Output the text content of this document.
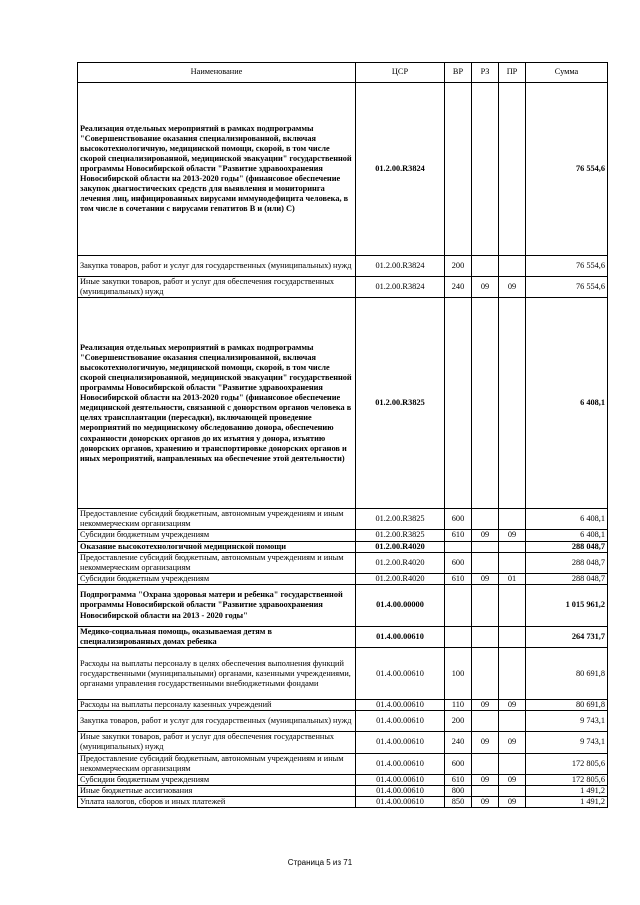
Наименование	ЦСР	ВР	РЗ	ПР	Сумма
Реализация отдельных мероприятий в рамках подпрограммы "Совершенствование оказания специализированной, включая высокотехнологичную, медицинской помощи, скорой, в том числе скорой специализированной, медицинской эвакуации" государственной программы Новосибирской области "Развитие здравоохранения Новосибирской области на 2013-2020 годы" (финансовое обеспечение закупок диагностических средств для выявления и мониторинга лечения лиц, инфицированных вирусами иммунодефицита человека, в том числе в сочетании с вирусами гепатитов В и (или) С)	01.2.00.R3824				76 554,6
Закупка товаров, работ и услуг для государственных (муниципальных) нужд	01.2.00.R3824	200			76 554,6
Иные закупки товаров, работ и услуг для обеспечения государственных (муниципальных) нужд	01.2.00.R3824	240	09	09	76 554,6
Реализация отдельных мероприятий в рамках подпрограммы "Совершенствование оказания специализированной, включая высокотехнологичную, медицинской помощи, скорой, в том числе скорой специализированной, медицинской эвакуации" государственной программы Новосибирской области "Развитие здравоохранения Новосибирской области на 2013-2020 годы" (финансовое обеспечение медицинской деятельности, связанной с донорством органов человека в целях трансплантации (пересадки), включающей проведение мероприятий по медицинскому обследованию донора, обеспечению сохранности донорских органов до их изъятия у донора, изъятию донорских органов, хранению и транспортировке донорских органов и иных мероприятий, направленных на обеспечение этой деятельности)	01.2.00.R3825				6 408,1
Предоставление субсидий бюджетным, автономным учреждениям и иным некоммерческим организациям	01.2.00.R3825	600			6 408,1
Субсидии бюджетным учреждениям	01.2.00.R3825	610	09	09	6 408,1
Оказание высокотехнологичной медицинской помощи	01.2.00.R4020				288 048,7
Предоставление субсидий бюджетным, автономным учреждениям и иным некоммерческим организациям	01.2.00.R4020	600			288 048,7
Субсидии бюджетным учреждениям	01.2.00.R4020	610	09	01	288 048,7
Подпрограмма "Охрана здоровья матери и ребенка" государственной программы Новосибирской области "Развитие здравоохранения Новосибирской области на 2013 - 2020 годы"	01.4.00.00000				1 015 961,2
Медико-социальная помощь, оказываемая детям в специализированных домах ребенка	01.4.00.00610				264 731,7
Расходы на выплаты персоналу в целях обеспечения выполнения функций государственными (муниципальными) органами, казенными учреждениями, органами управления государственными внебюджетными фондами	01.4.00.00610	100			80 691,8
Расходы на выплаты персоналу казенных учреждений	01.4.00.00610	110	09	09	80 691,8
Закупка товаров, работ и услуг для государственных (муниципальных) нужд	01.4.00.00610	200			9 743,1
Иные закупки товаров, работ и услуг для обеспечения государственных (муниципальных) нужд	01.4.00.00610	240	09	09	9 743,1
Предоставление субсидий бюджетным, автономным учреждениям и иным некоммерческим организациям	01.4.00.00610	600			172 805,6
Субсидии бюджетным учреждениям	01.4.00.00610	610	09	09	172 805,6
Иные бюджетные ассигнования	01.4.00.00610	800			1 491,2
Уплата налогов, сборов и иных платежей	01.4.00.00610	850	09	09	1 491,2
Страница 5 из 71
